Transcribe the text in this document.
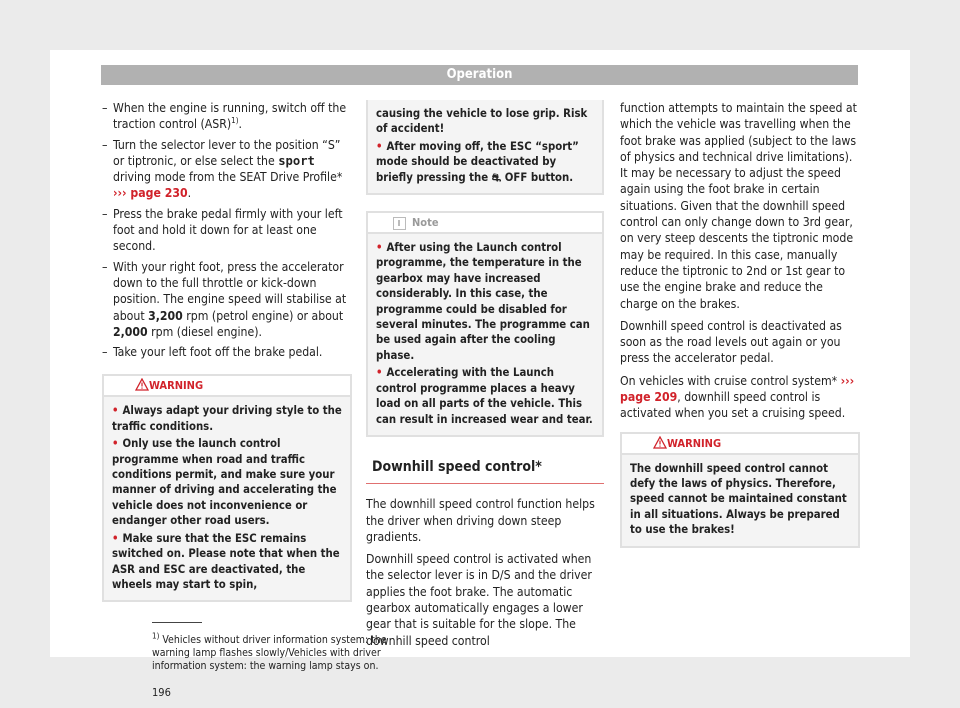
Operation
– When the engine is running, switch off the traction control (ASR)$^{1)}$.
– Turn the selector lever to the position “S” or tiptronic, or else select the sport driving mode from the SEAT Drive Profile* ››› page 230.
– Press the brake pedal firmly with your left foot and hold it down for at least one second.
– With your right foot, press the accelerator down to the full throttle or kick-down position. The engine speed will stabilise at about 3,200 rpm (petrol engine) or about 2,000 rpm (diesel engine).
– Take your left foot off the brake pedal.
WARNING

• Always adapt your driving style to the traffic conditions.

• Only use the launch control programme when road and traffic conditions permit, and make sure your manner of driving and accelerating the vehicle does not inconvenience or endanger other road users.

• Make sure that the ESC remains switched on. Please note that when the ASR and ESC are deactivated, the wheels may start to spin,

causing the vehicle to lose grip. Risk of accident!

• After moving off, the ESC “sport” mode should be deactivated by briefly pressing the ⛐ OFF button.

Note

• After using the Launch control programme, the temperature in the gearbox may have increased considerably. In this case, the programme could be disabled for several minutes. The programme can be used again after the cooling phase.

• Accelerating with the Launch control programme places a heavy load on all parts of the vehicle. This can result in increased wear and tear.

Downhill speed control*

The downhill speed control function helps the driver when driving down steep gradients.

Downhill speed control is activated when the selector lever is in D/S and the driver applies the foot brake. The automatic gearbox automatically engages a lower gear that is suitable for the slope. The downhill speed control

function attempts to maintain the speed at which the vehicle was travelling when the foot brake was applied (subject to the laws of physics and technical drive limitations). It may be necessary to adjust the speed again using the foot brake in certain situations. Given that the downhill speed control can only change down to 3rd gear, on very steep descents the tiptronic mode may be required. In this case, manually reduce the tiptronic to 2nd or 1st gear to use the engine brake and reduce the charge on the brakes.

Downhill speed control is deactivated as soon as the road levels out again or you press the accelerator pedal.

On vehicles with cruise control system* ››› page 209, downhill speed control is activated when you set a cruising speed.

WARNING

The downhill speed control cannot defy the laws of physics. Therefore, speed cannot be maintained constant in all situations. Always be prepared to use the brakes!

$^{1)}$ Vehicles without driver information system: the warning lamp flashes slowly/Vehicles with driver information system: the warning lamp stays on.
196
